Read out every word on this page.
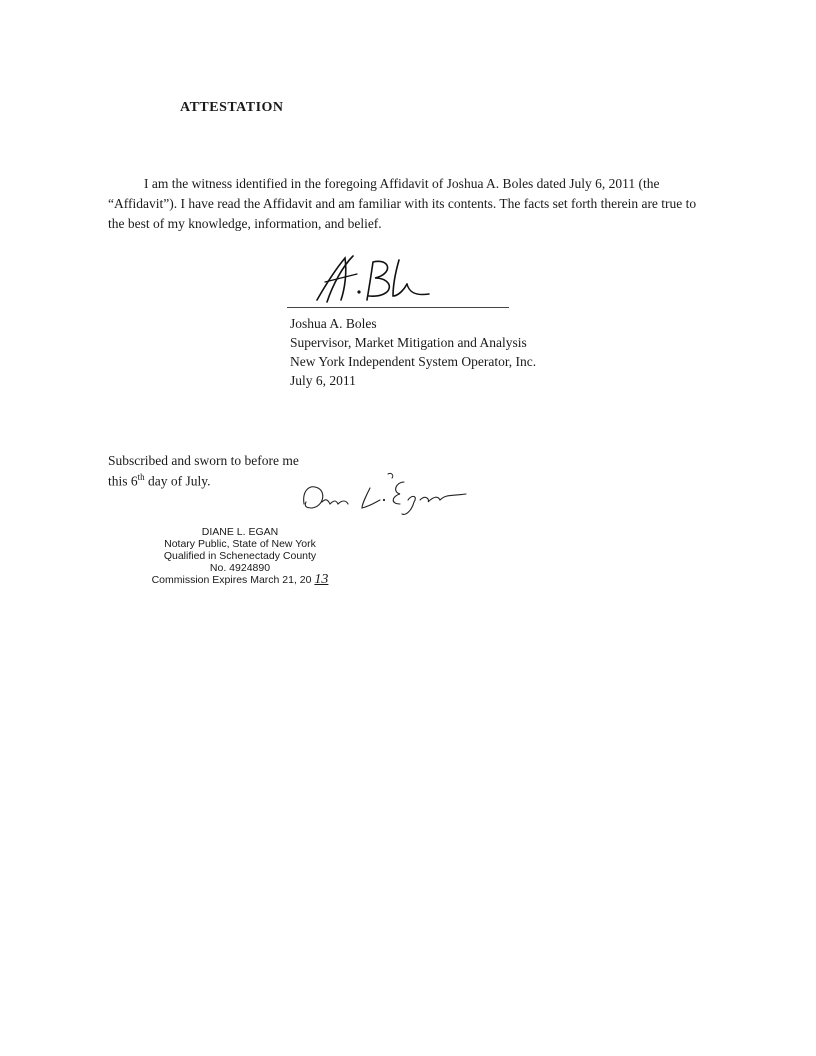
ATTESTATION

I am the witness identified in the foregoing Affidavit of Joshua A. Boles dated July 6, 2011 (the “Affidavit”). I have read the Affidavit and am familiar with its contents. The facts set forth therein are true to the best of my knowledge, information, and belief.

Joshua A. Boles
Supervisor, Market Mitigation and Analysis
New York Independent System Operator, Inc.
July 6, 2011
Subscribed and sworn to before me
this 6th day of July.
DIANE L. EGAN
Notary Public, State of New York
Qualified in Schenectady County
No. 4924890
Commission Expires March 21, 20 13
